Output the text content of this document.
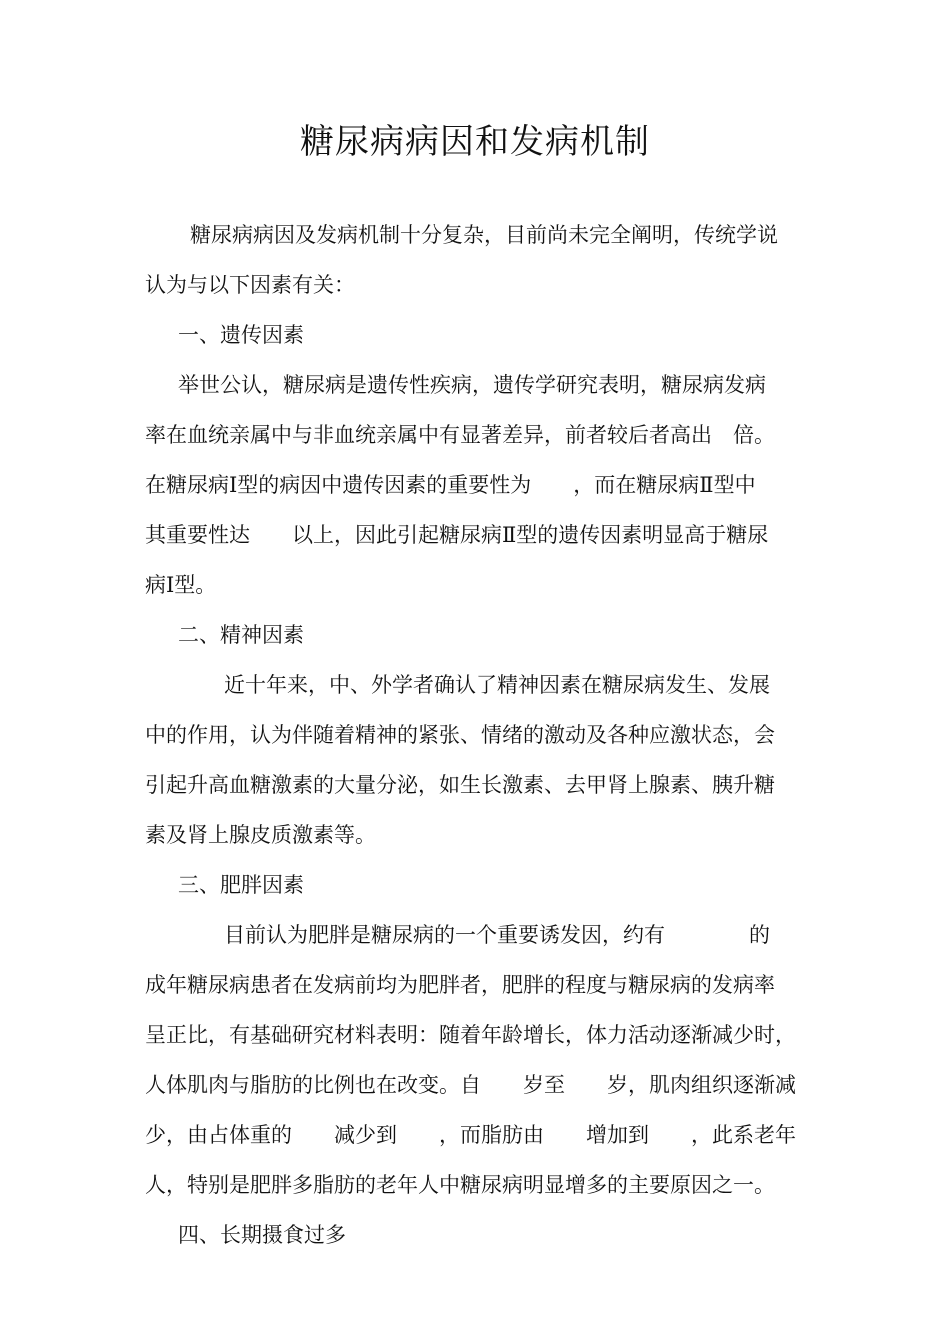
糖尿病病因和发病机制
糖尿病病因及发病机制十分复杂，目前尚未完全阐明，传统学说
认为与以下因素有关：
一、遗传因素
举世公认，糖尿病是遗传性疾病，遗传学研究表明，糖尿病发病
率在血统亲属中与非血统亲属中有显著差异，前者较后者高出　倍。
在糖尿病Ⅰ型的病因中遗传因素的重要性为　　，而在糖尿病Ⅱ型中
其重要性达　　以上，因此引起糖尿病Ⅱ型的遗传因素明显高于糖尿
病Ⅰ型。
二、精神因素
近十年来，中、外学者确认了精神因素在糖尿病发生、发展
中的作用，认为伴随着精神的紧张、情绪的激动及各种应激状态，会
引起升高血糖激素的大量分泌，如生长激素、去甲肾上腺素、胰升糖
素及肾上腺皮质激素等。
三、肥胖因素
目前认为肥胖是糖尿病的一个重要诱发因，约有　　　　的
成年糖尿病患者在发病前均为肥胖者，肥胖的程度与糖尿病的发病率
呈正比，有基础研究材料表明：随着年龄增长，体力活动逐渐减少时，
人体肌肉与脂肪的比例也在改变。自　　岁至　　岁，肌肉组织逐渐减
少，由占体重的　　减少到　　，而脂肪由　　增加到　　，此系老年
人，特别是肥胖多脂肪的老年人中糖尿病明显增多的主要原因之一。
四、长期摄食过多
